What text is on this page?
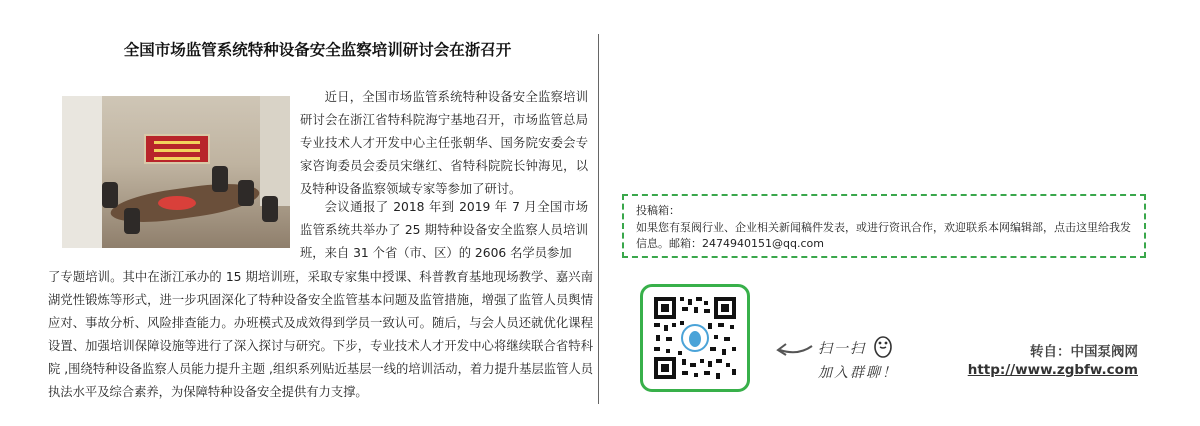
全国市场监管系统特种设备安全监察培训研讨会在浙召开

近日，全国市场监管系统特种设备安全监察培训研讨会在浙江省特科院海宁基地召开，市场监管总局专业技术人才开发中心主任张朝华、国务院安委会专家咨询委员会委员宋继红、省特科院院长钟海见，以及特种设备监察领域专家等参加了研讨。

会议通报了 2018 年到 2019 年 7 月全国市场监管系统共举办了 25 期特种设备安全监察人员培训班，来自 31 个省（市、区）的 2606 名学员参加

了专题培训。其中在浙江承办的 15 期培训班，采取专家集中授课、科普教育基地现场教学、嘉兴南湖党性锻炼等形式，进一步巩固深化了特种设备安全监管基本问题及监管措施，增强了监管人员舆情应对、事故分析、风险排查能力。办班模式及成效得到学员一致认可。随后，与会人员还就优化课程设置、加强培训保障设施等进行了深入探讨与研究。下步，专业技术人才开发中心将继续联合省特科院 ,围绕特种设备监察人员能力提升主题 ,组织系列贴近基层一线的培训活动，着力提升基层监管人员执法水平及综合素养，为保障特种设备安全提供有力支撑。

投稿箱：
如果您有泵阀行业、企业相关新闻稿件发表，或进行资讯合作，欢迎联系本网编辑部，点击这里给我发信息。邮箱：2474940151@qq.com
扫一扫
加入群聊！
转自：中国泵阀网
http://www.zgbfw.com
